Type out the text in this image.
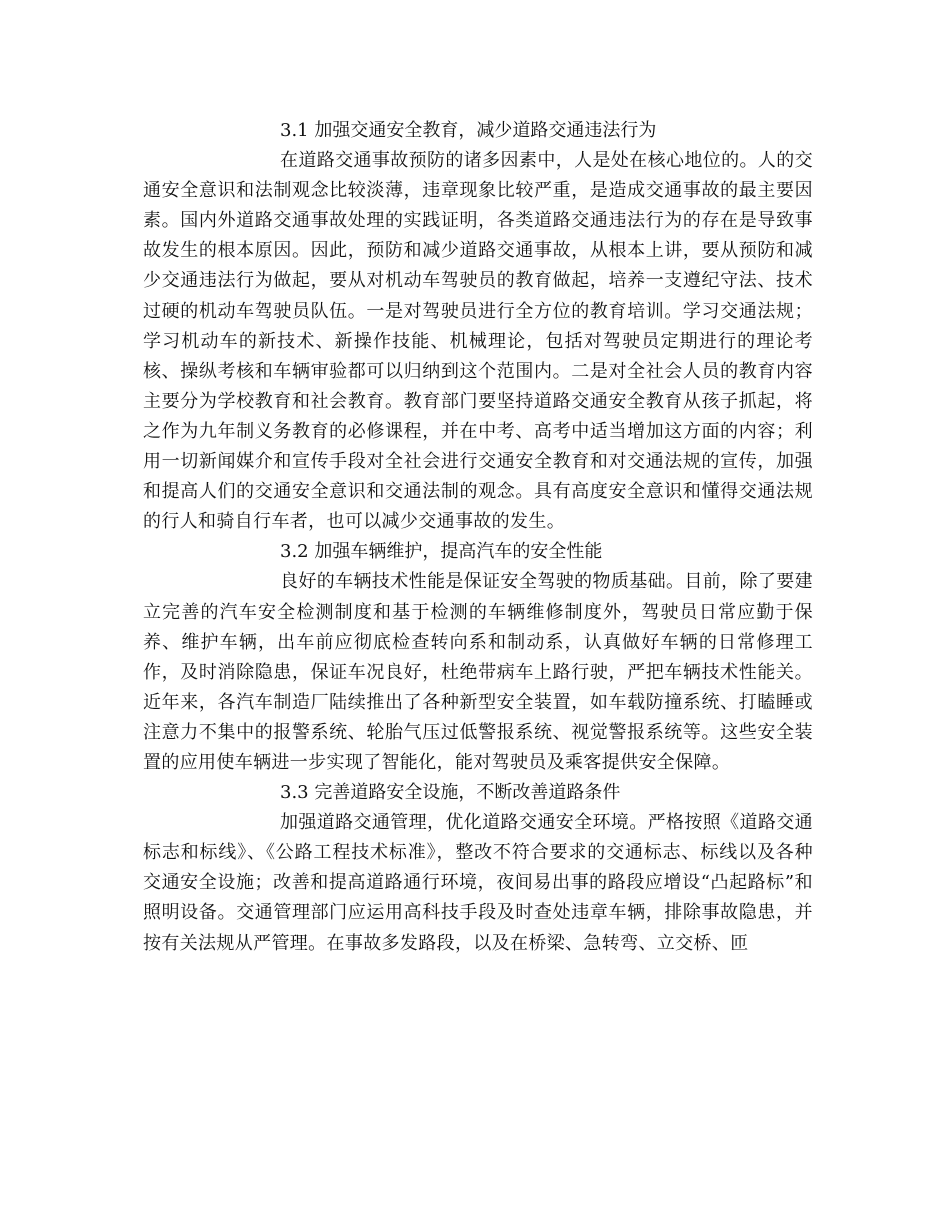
3.1 加强交通安全教育，减少道路交通违法行为

在道路交通事故预防的诸多因素中，人是处在核心地位的。人的交通安全意识和法制观念比较淡薄，违章现象比较严重，是造成交通事故的最主要因素。国内外道路交通事故处理的实践证明，各类道路交通违法行为的存在是导致事故发生的根本原因。因此，预防和减少道路交通事故，从根本上讲，要从预防和减少交通违法行为做起，要从对机动车驾驶员的教育做起，培养一支遵纪守法、技术过硬的机动车驾驶员队伍。一是对驾驶员进行全方位的教育培训。学习交通法规；学习机动车的新技术、新操作技能、机械理论，包括对驾驶员定期进行的理论考核、操纵考核和车辆审验都可以归纳到这个范围内。二是对全社会人员的教育内容主要分为学校教育和社会教育。教育部门要坚持道路交通安全教育从孩子抓起，将之作为九年制义务教育的必修课程，并在中考、高考中适当增加这方面的内容；利用一切新闻媒介和宣传手段对全社会进行交通安全教育和对交通法规的宣传，加强和提高人们的交通安全意识和交通法制的观念。具有高度安全意识和懂得交通法规的行人和骑自行车者，也可以减少交通事故的发生。

3.2 加强车辆维护，提高汽车的安全性能

良好的车辆技术性能是保证安全驾驶的物质基础。目前，除了要建立完善的汽车安全检测制度和基于检测的车辆维修制度外，驾驶员日常应勤于保养、维护车辆，出车前应彻底检查转向系和制动系，认真做好车辆的日常修理工作，及时消除隐患，保证车况良好，杜绝带病车上路行驶，严把车辆技术性能关。近年来，各汽车制造厂陆续推出了各种新型安全装置，如车载防撞系统、打瞌睡或注意力不集中的报警系统、轮胎气压过低警报系统、视觉警报系统等。这些安全装置的应用使车辆进一步实现了智能化，能对驾驶员及乘客提供安全保障。

3.3 完善道路安全设施，不断改善道路条件

加强道路交通管理，优化道路交通安全环境。严格按照《道路交通标志和标线》、《公路工程技术标准》，整改不符合要求的交通标志、标线以及各种交通安全设施；改善和提高道路通行环境，夜间易出事的路段应增设“凸起路标”和照明设备。交通管理部门应运用高科技手段及时查处违章车辆，排除事故隐患，并按有关法规从严管理。在事故多发路段，以及在桥梁、急转弯、立交桥、匝
